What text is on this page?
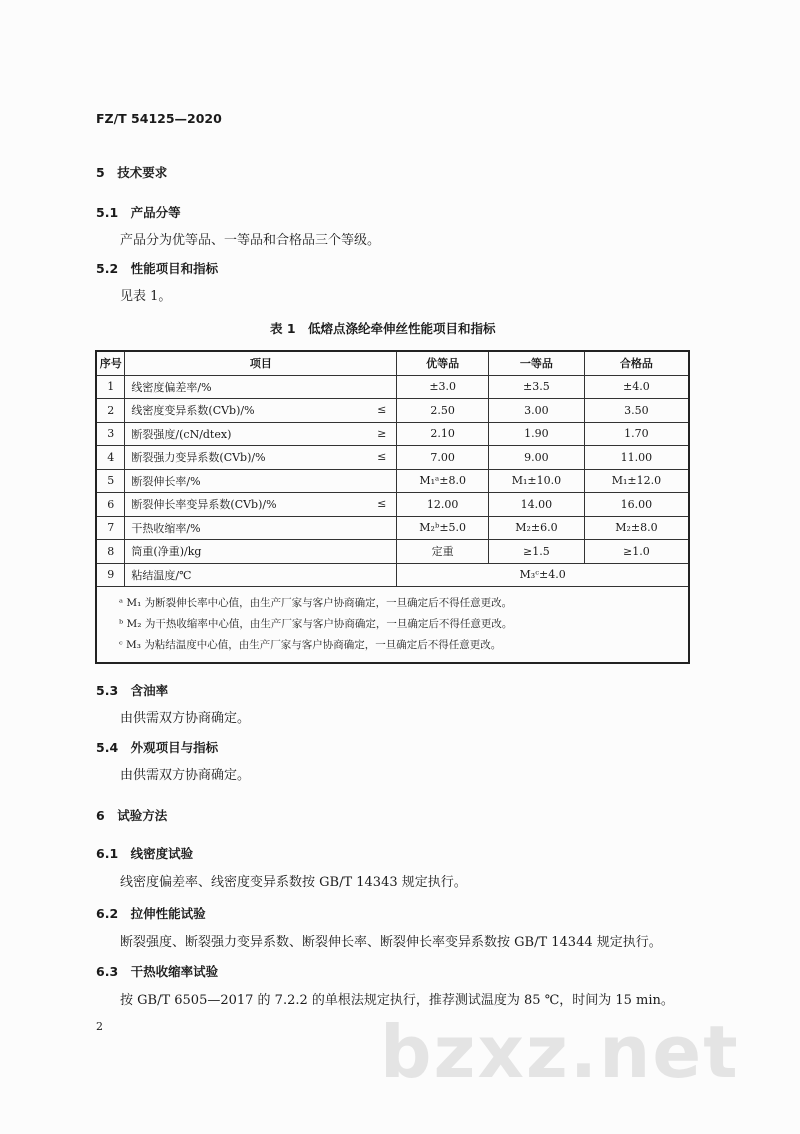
FZ/T 54125—2020
5　技术要求
5.1　产品分等
产品分为优等品、一等品和合格品三个等级。
5.2　性能项目和指标
见表 1。
表 1　低熔点涤纶牵伸丝性能项目和指标
序号	项目	优等品	一等品	合格品
1	线密度偏差率/%	±3.0	±3.5	±4.0
2	线密度变异系数(CVb)/% ≤	2.50	3.00	3.50
3	断裂强度/(cN/dtex) ≥	2.10	1.90	1.70
4	断裂强力变异系数(CVb)/% ≤	7.00	9.00	11.00
5	断裂伸长率/%	M₁ᵃ±8.0	M₁±10.0	M₁±12.0
6	断裂伸长率变异系数(CVb)/% ≤	12.00	14.00	16.00
7	干热收缩率/%	M₂ᵇ±5.0	M₂±6.0	M₂±8.0
8	筒重(净重)/kg	定重	≥1.5	≥1.0
9	粘结温度/℃	M₃ᶜ±4.0		

ᵃ M₁ 为断裂伸长率中心值，由生产厂家与客户协商确定，一旦确定后不得任意更改。
ᵇ M₂ 为干热收缩率中心值，由生产厂家与客户协商确定，一旦确定后不得任意更改。
ᶜ M₃ 为粘结温度中心值，由生产厂家与客户协商确定，一旦确定后不得任意更改。				
5.3　含油率
由供需双方协商确定。
5.4　外观项目与指标
由供需双方协商确定。
6　试验方法
6.1　线密度试验
线密度偏差率、线密度变异系数按 GB/T 14343 规定执行。
6.2　拉伸性能试验
断裂强度、断裂强力变异系数、断裂伸长率、断裂伸长率变异系数按 GB/T 14344 规定执行。
6.3　干热收缩率试验
按 GB/T 6505—2017 的 7.2.2 的单根法规定执行，推荐测试温度为 85 ℃，时间为 15 min。
2	bzxz.net
